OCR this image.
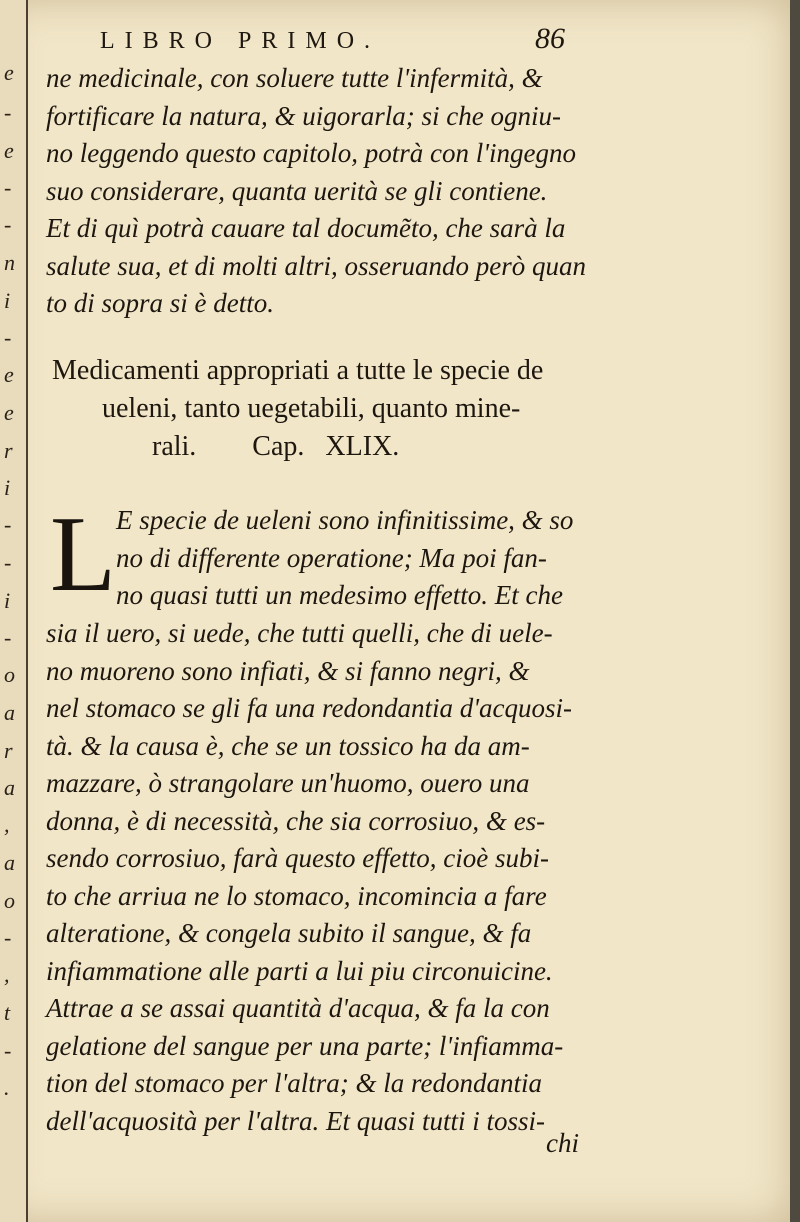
e
-
e
-
-
n
i
-
e
e
r
i
-
-
i
-
o
a
r
a
,
a
o
-
,
t
-
.
LIBRO PRIMO.	86
ne medicinale, con soluere tutte l'infermità, &
fortificare la natura, & uigorarla; si che ogniu-
no leggendo questo capitolo, potrà con l'ingegno
suo considerare, quanta uerità se gli contiene.
Et di quì potrà cauare tal documẽto, che sarà la
salute sua, et di molti altri, osseruando però quan
to di sopra si è detto.
Medicamenti appropriati a tutte le specie de
ueleni, tanto uegetabili, quanto mine-
rali.        Cap.   XLIX.
L E specie de ueleni sono infinitissime, & so
no di differente operatione; Ma poi fan-
no quasi tutti un medesimo effetto. Et che
sia il uero, si uede, che tutti quelli, che di uele-
no muoreno sono infiati, & si fanno negri, &
nel stomaco se gli fa una redondantia d'acquosi-
tà. & la causa è, che se un tossico ha da am-
mazzare, ò strangolare un'huomo, ouero una
donna, è di necessità, che sia corrosiuo, & es-
sendo corrosiuo, farà questo effetto, cioè subi-
to che arriua ne lo stomaco, incomincia a fare
alteratione, & congela subito il sangue, & fa
infiammatione alle parti a lui piu circonuicine.
Attrae a se assai quantità d'acqua, & fa la con
gelatione del sangue per una parte; l'infiamma-
tion del stomaco per l'altra; & la redondantia
dell'acquosità per l'altra. Et quasi tutti i tossi-
chi
